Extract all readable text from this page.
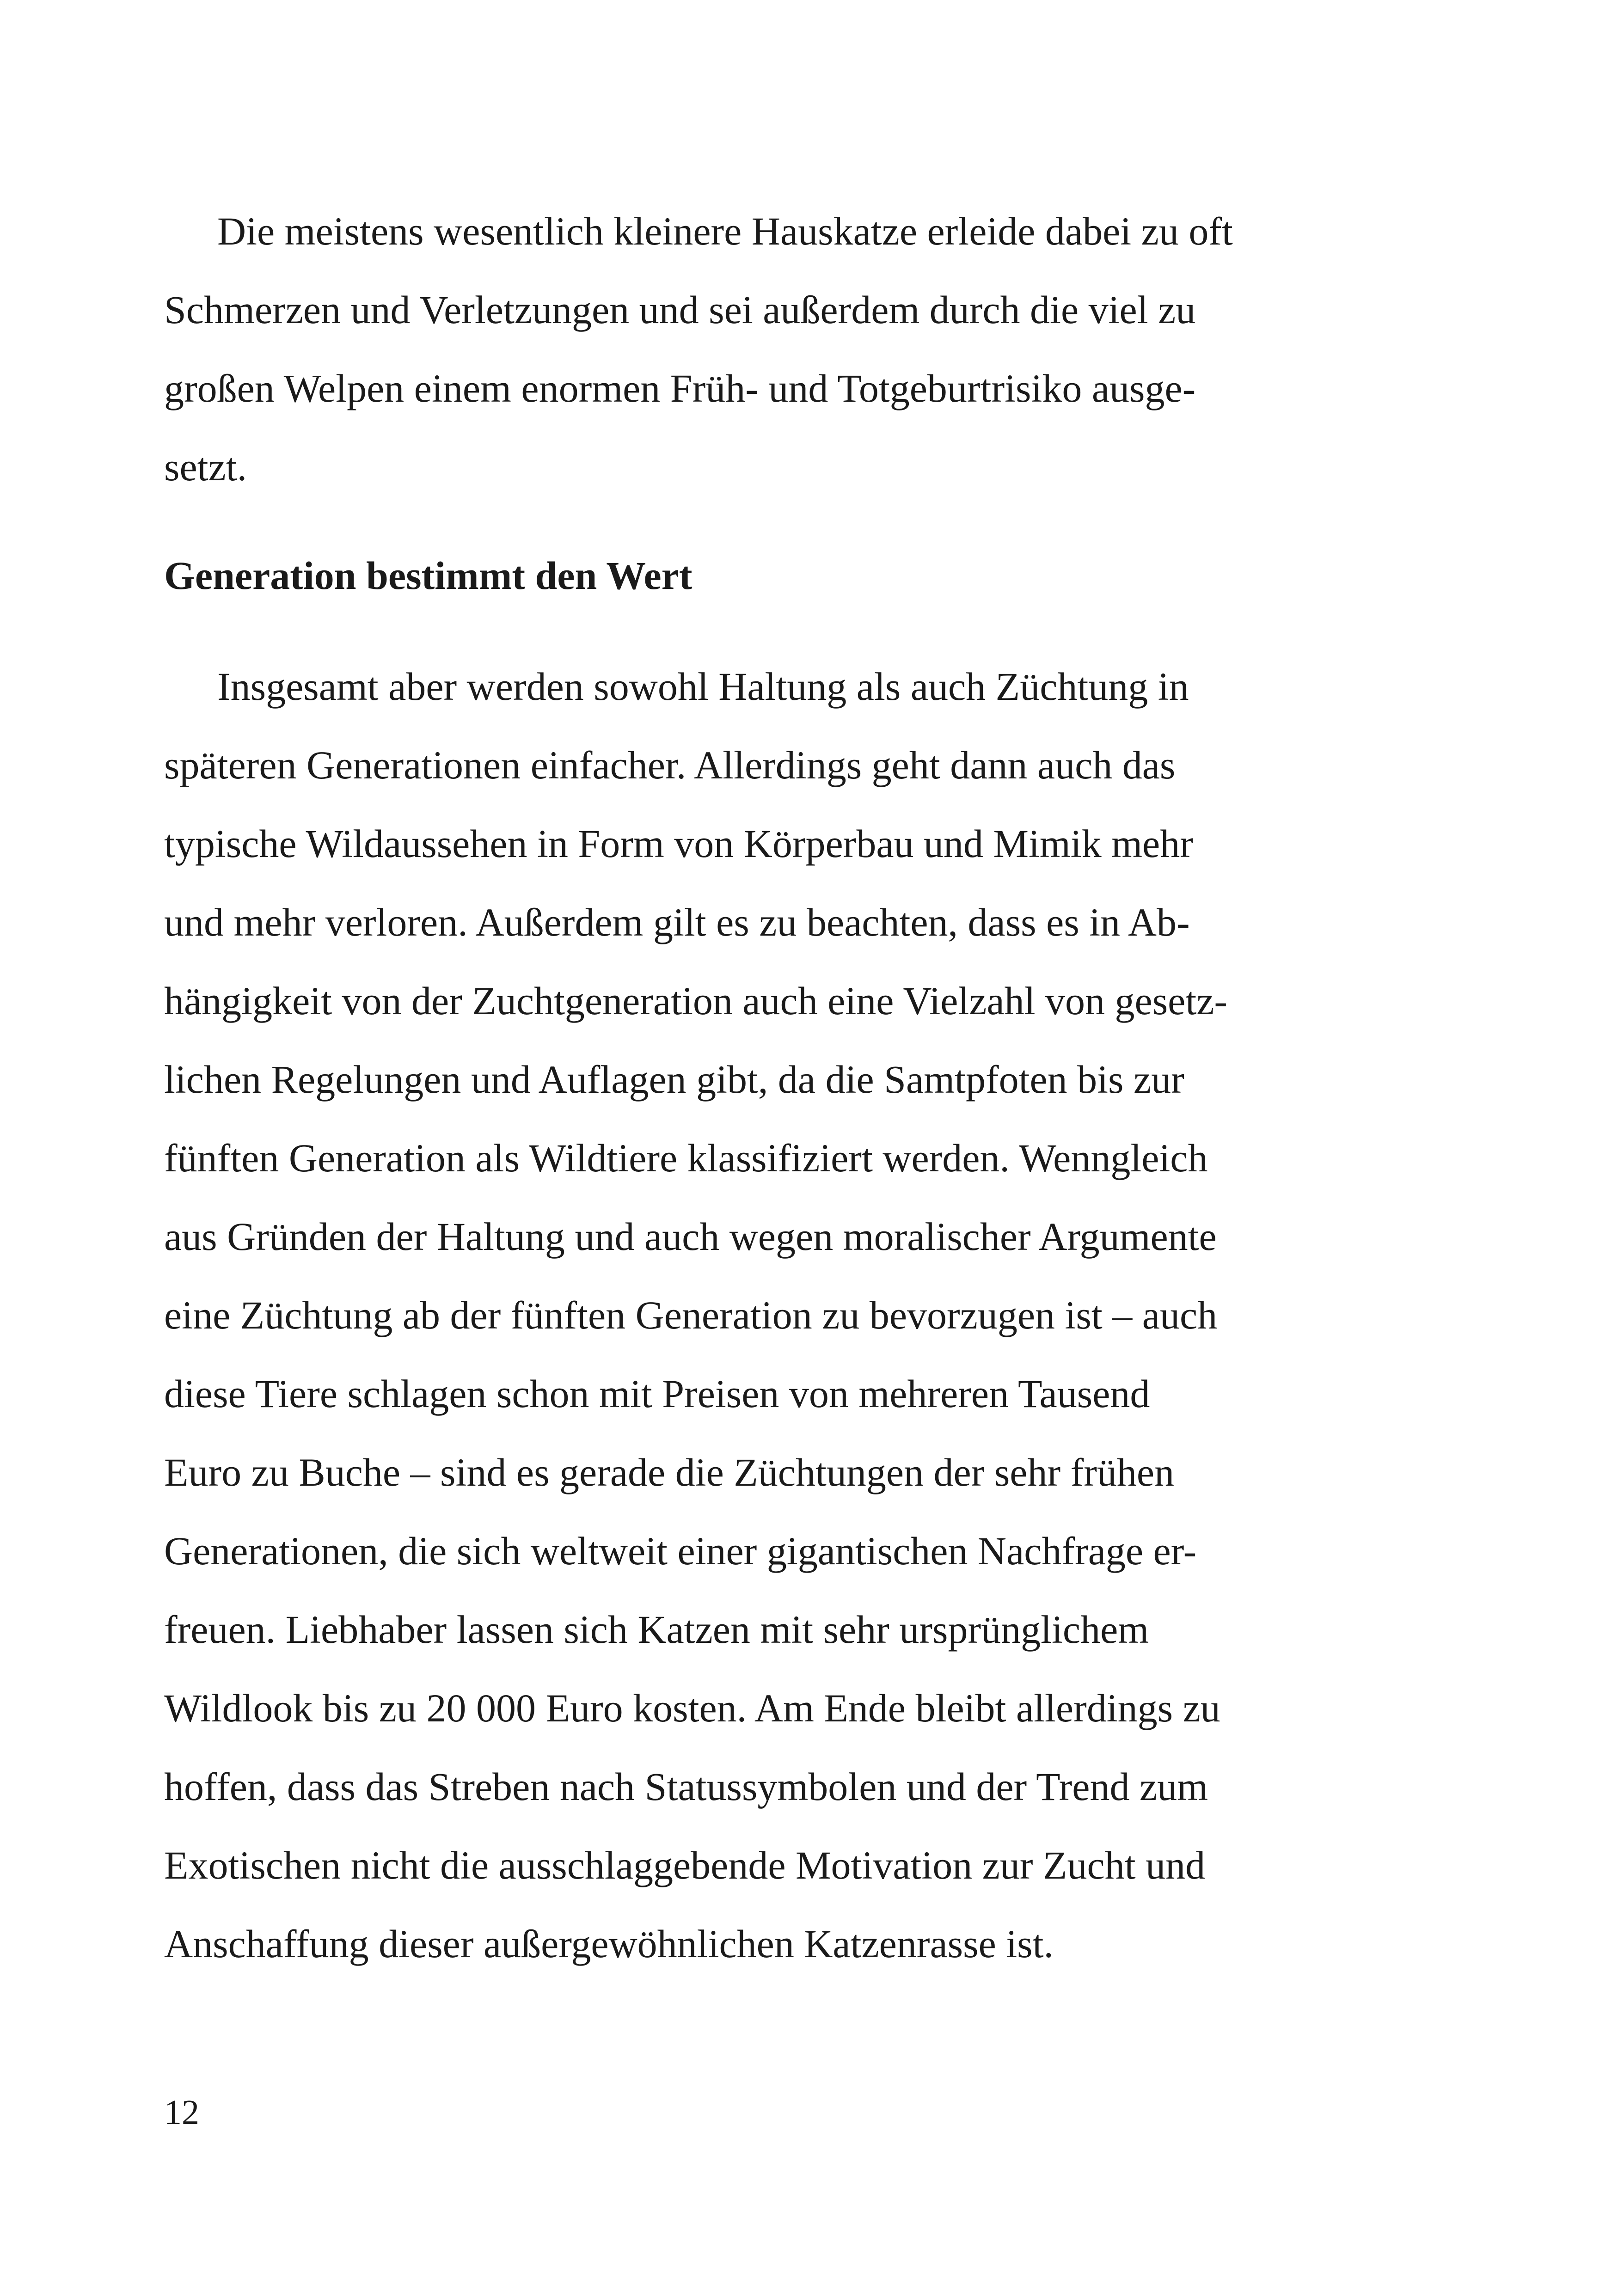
Die meistens wesentlich kleinere Hauskatze erleide dabei zu oft
Schmerzen und Verletzungen und sei außerdem durch die viel zu
großen Welpen einem enormen Früh- und Totgeburtrisiko ausge-
setzt.
Generation bestimmt den Wert
Insgesamt aber werden sowohl Haltung als auch Züchtung in
späteren Generationen einfacher. Allerdings geht dann auch das
typische Wildaussehen in Form von Körperbau und Mimik mehr
und mehr verloren. Außerdem gilt es zu beachten, dass es in Ab-
hängigkeit von der Zuchtgeneration auch eine Vielzahl von gesetz-
lichen Regelungen und Auflagen gibt, da die Samtpfoten bis zur
fünften Generation als Wildtiere klassifiziert werden. Wenngleich
aus Gründen der Haltung und auch wegen moralischer Argumente
eine Züchtung ab der fünften Generation zu bevorzugen ist – auch
diese Tiere schlagen schon mit Preisen von mehreren Tausend
Euro zu Buche – sind es gerade die Züchtungen der sehr frühen
Generationen, die sich weltweit einer gigantischen Nachfrage er-
freuen. Liebhaber lassen sich Katzen mit sehr ursprünglichem
Wildlook bis zu 20 000 Euro kosten. Am Ende bleibt allerdings zu
hoffen, dass das Streben nach Statussymbolen und der Trend zum
Exotischen nicht die ausschlaggebende Motivation zur Zucht und
Anschaffung dieser außergewöhnlichen Katzenrasse ist.
12
